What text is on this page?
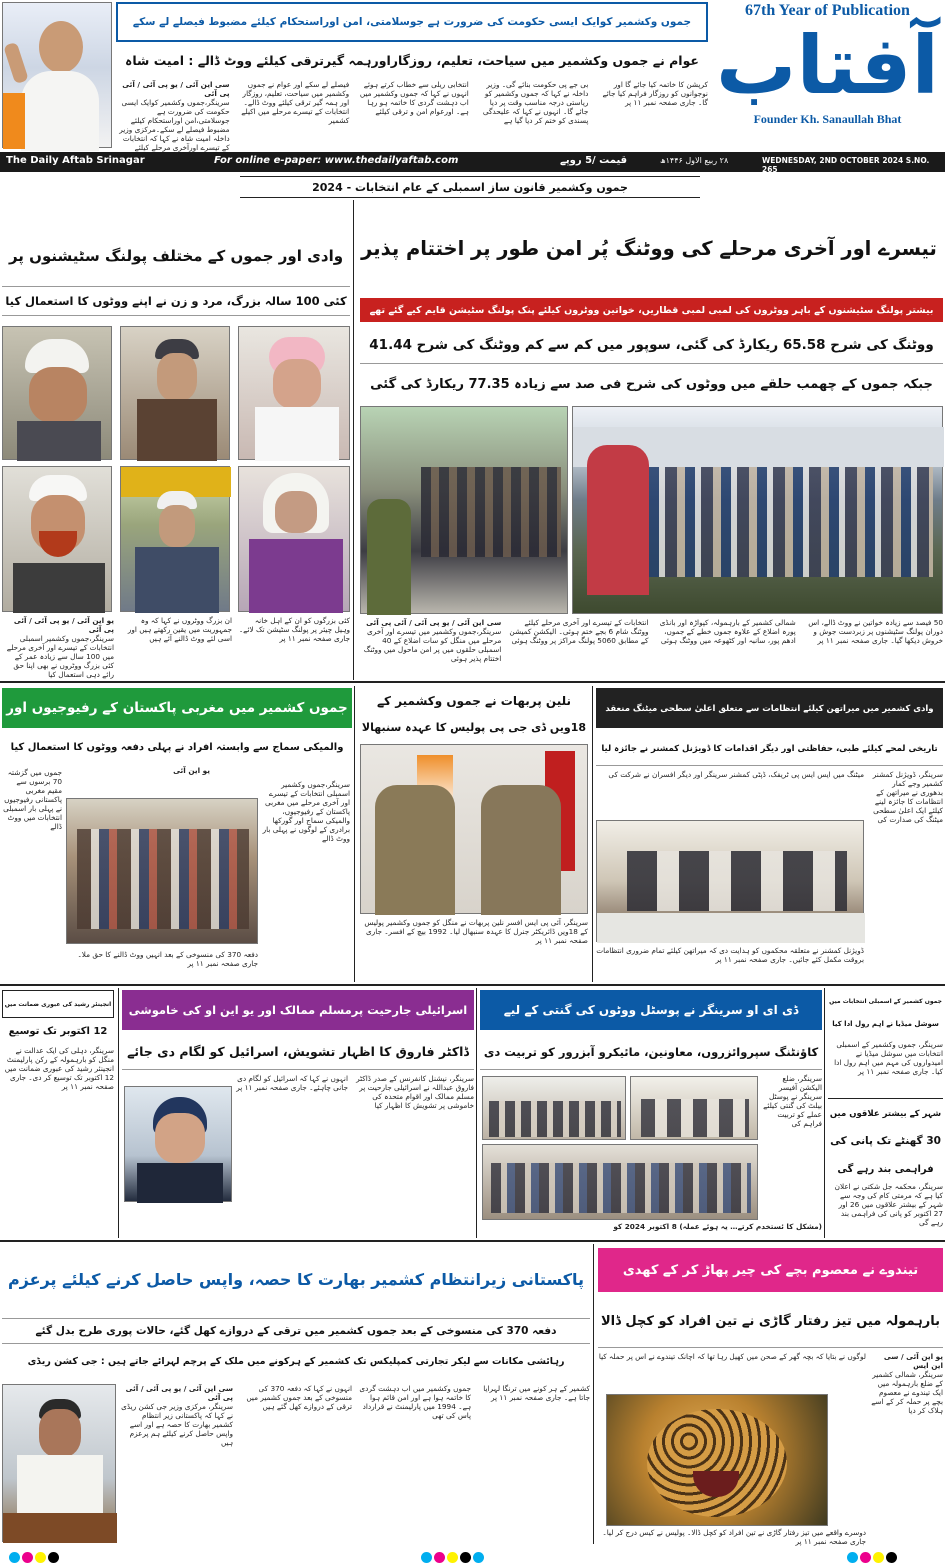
جموں وکشمیر کوایک ایسی حکومت کی ضرورت ہے جوسلامتی، امن اوراستحکام کیلئے مضبوط فیصلے لے سکے
عوام نے جموں وکشمیر میں سیاحت، تعلیم، روزگاراورہمہ گیرترقی کیلئے ووٹ ڈالے : امیت شاہ
سی این آئی / یو پی آئی / آئی پی آئی
سرینگر،جموں وکشمیر کوایک ایسی حکومت کی ضرورت ہے جوسلامتی،امن اوراستحکام کیلئے مضبوط فیصلے لے سکے۔مرکزی وزیر داخلہ امیت شاہ نے کہا کہ انتخابات کے تیسرے اورآخری مرحلے کیلئے
فیصلے لے سکے اور عوام نے جموں وکشمیر میں سیاحت، تعلیم، روزگار اور ہمہ گیر ترقی کیلئے ووٹ ڈالے۔ انتخابات کے تیسرے مرحلے میں اکیلے کشمیر
انتخابی ریلی سے خطاب کرتے ہوئے انہوں نے کہا کہ جموں وکشمیر میں اب دہشت گردی کا خاتمہ ہو رہا ہے۔ اورعوام امن و ترقی کیلئے
بی جے پی حکومت بنائے گی۔ وزیر داخلہ نے کہا کہ جموں وکشمیر کو ریاستی درجہ مناسب وقت پر دیا جائے گا۔ انہوں نے کہا کہ علیحدگی پسندی کو ختم کر دیا گیا ہے
کرپشن کا خاتمہ کیا جائے گا اور نوجوانوں کو روزگار فراہم کیا جائے گا۔ جاری صفحہ نمبر ۱۱ پر
67th Year of Publication
آفتاب
Founder Kh. Sanaullah Bhat
The Daily Aftab Srinagar	For online e-paper: www.thedailyaftab.com	قیمت /5 روپے	۲۸ ربیع الاول ۱۴۴۶ھ	WEDNESDAY, 2ND OCTOBER 2024 S.NO. 265
جموں وکشمیر قانون ساز اسمبلی کے عام انتخابات - 2024
تیسرے اور آخری مرحلے کی ووٹنگ پُر امن طور پر اختتام پذیر
بیشتر پولنگ سٹیشنوں کے باہر ووٹروں کی لمبی لمبی قطاریں، خواتین ووٹروں کیلئے پنک پولنگ سٹیشن قایم کیے گئے تھے
ووٹنگ کی شرح 65.58 ریکارڈ کی گئی، سوپور میں کم سے کم ووٹنگ کی شرح 41.44
جبکہ جموں کے چھمب حلقے میں ووٹوں کی شرح فی صد سے زیادہ 77.35 ریکارڈ کی گئی
سی این آئی / یو پی آئی / آئی پی آئی
سرینگر،جموں وکشمیر میں تیسرے اور آخری مرحلے میں منگل کو سات اضلاع کے 40 اسمبلی حلقوں میں پر امن ماحول میں ووٹنگ اختتام پذیر ہوئی
انتخابات کے تیسرے اور آخری مرحلے کیلئے ووٹنگ شام 6 بجے ختم ہوئی۔ الیکشن کمیشن کے مطابق 5060 پولنگ مراکز پر ووٹنگ ہوئی
شمالی کشمیر کے بارہمولہ، کپواڑہ اور بانڈی پورہ اضلاع کے علاوہ جموں خطے کے جموں، ادھم پور، سانبہ اور کٹھوعہ میں ووٹنگ ہوئی
50 فیصد سے زیادہ خواتین نے ووٹ ڈالے، اس دوران پولنگ سٹیشنوں پر زبردست جوش و خروش دیکھا گیا۔ جاری صفحہ نمبر ۱۱ پر
وادی اور جموں کے مختلف پولنگ سٹیشنوں پر
کئی 100 سالہ بزرگ، مرد و زن نے اپنے ووٹوں کا استعمال کیا
یو این آئی / یو پی آئی / آئی پی آئی
سرینگر،جموں وکشمیر اسمبلی انتخابات کے تیسرے اور آخری مرحلے میں 100 سال سے زیادہ عمر کے کئی بزرگ ووٹروں نے بھی اپنا حق رائے دہی استعمال کیا
ان بزرگ ووٹروں نے کہا کہ وہ جمہوریت میں یقین رکھتے ہیں اور اسی لئے ووٹ ڈالنے آئے ہیں
کئی بزرگوں کو ان کے اہل خانہ وہیل چیئر پر پولنگ سٹیشن تک لائے۔ جاری صفحہ نمبر ۱۱ پر
جموں کشمیر میں مغربی پاکستان کے رفیوجیوں اور
والمیکی سماج سے وابستہ افراد نے پہلی دفعہ ووٹوں کا استعمال کیا
یو این آئی
سرینگر،جموں وکشمیر اسمبلی انتخابات کے تیسرے اور آخری مرحلے میں مغربی پاکستان کے رفیوجیوں، والمیکی سماج اور گورکھا برادری کے لوگوں نے پہلی بار ووٹ ڈالے
جموں میں گزشتہ 70 برسوں سے مقیم مغربی پاکستانی رفیوجیوں نے پہلی بار اسمبلی انتخابات میں ووٹ ڈالے
دفعہ 370 کی منسوخی کے بعد انہیں ووٹ ڈالنے کا حق ملا۔ جاری صفحہ نمبر ۱۱ پر
نلین پربھات نے جموں وکشمیر کے
18ویں ڈی جی پی پولیس کا عہدہ سنبھالا
سرینگر، آئی پی ایس افسر نلین پربھات نے منگل کو جموں وکشمیر پولیس کے 18ویں ڈائریکٹر جنرل کا عہدہ سنبھال لیا۔ 1992 بیچ کے افسر۔ جاری صفحہ نمبر ۱۱ پر
وادی کشمیر میں میراتھن کیلئے انتظامات سے متعلق اعلیٰ سطحی میٹنگ منعقد
تاریخی لمحے کیلئے طبی، حفاظتی اور دیگر اقدامات کا ڈویژنل کمشنر نے جائزہ لیا
سرینگر، ڈویژنل کمشنر کشمیر وجے کمار بدھوری نے میراتھن کے انتظامات کا جائزہ لینے کیلئے ایک اعلیٰ سطحی میٹنگ کی صدارت کی
میٹنگ میں ایس ایس پی ٹریفک، ڈپٹی کمشنر سرینگر اور دیگر افسران نے شرکت کی
ڈویژنل کمشنر نے متعلقہ محکموں کو ہدایت دی کہ میراتھن کیلئے تمام ضروری انتظامات بروقت مکمل کئے جائیں۔ جاری صفحہ نمبر ۱۱ پر
انجینئر رشید کی عبوری ضمانت میں
12 اکتوبر تک توسیع
سرینگر، دہلی کی ایک عدالت نے منگل کو بارہمولہ کے رکن پارلیمنٹ انجینئر رشید کی عبوری ضمانت میں 12 اکتوبر تک توسیع کر دی۔ جاری صفحہ نمبر ۱۱ پر
اسرائیلی جارحیت پرمسلم ممالک اور یو این او کی خاموشی
ڈاکٹر فاروق کا اظہار تشویش، اسرائیل کو لگام دی جائے
سرینگر، نیشنل کانفرنس کے صدر ڈاکٹر فاروق عبداللہ نے اسرائیلی جارحیت پر مسلم ممالک اور اقوام متحدہ کی خاموشی پر تشویش کا اظہار کیا
انہوں نے کہا کہ اسرائیل کو لگام دی جانی چاہئے۔ جاری صفحہ نمبر ۱۱ پر
ڈی ای او سرینگر نے پوسٹل ووٹوں کی گنتی کے لیے
کاؤنٹنگ سپروائزروں، معاونین، مائیکرو آبزرور کو تربیت دی
سرینگر، ضلع الیکشن آفیسر سرینگر نے پوسٹل بیلٹ کی گنتی کیلئے عملے کو تربیت فراہم کی
(مشکل کا ئستخدم کرتے… یہ ہوئے عملہ) 8 اکتوبر 2024 کو
جموں کشمیر کے اسمبلی انتخابات میں
سوشل میڈیا نے اہم رول ادا کیا
سرینگر، جموں وکشمیر کے اسمبلی انتخابات میں سوشل میڈیا نے امیدواروں کی مہم میں اہم رول ادا کیا۔ جاری صفحہ نمبر ۱۱ پر
شہر کے بیشتر علاقوں میں
30 گھنٹے تک پانی کی
فراہمی بند رہے گی
سرینگر، محکمہ جل شکتی نے اعلان کیا ہے کہ مرمتی کام کی وجہ سے شہر کے بیشتر علاقوں میں 26 اور 27 اکتوبر کو پانی کی فراہمی بند رہے گی
پاکستانی زیرانتظام کشمیر بھارت کا حصہ، واپس حاصل کرنے کیلئے پرعزم
دفعہ 370 کی منسوخی کے بعد جموں کشمیر میں ترقی کے دروازے کھل گئے، حالات پوری طرح بدل گئے
رہائشی مکانات سے لیکر تجارتی کمپلیکس تک کشمیر کے ہرکونے میں ملک کے پرچم لہرائے جاتے ہیں : جی کشن ریڈی
سی این آئی / یو پی آئی / آئی پی آئی
سرینگر، مرکزی وزیر جی کشن ریڈی نے کہا کہ پاکستانی زیر انتظام کشمیر بھارت کا حصہ ہے اور اسے واپس حاصل کرنے کیلئے ہم پرعزم ہیں
انہوں نے کہا کہ دفعہ 370 کی منسوخی کے بعد جموں کشمیر میں ترقی کے دروازے کھل گئے ہیں
جموں وکشمیر میں اب دہشت گردی کا خاتمہ ہوا ہے اور امن قائم ہوا ہے۔ 1994 میں پارلیمنٹ نے قرارداد پاس کی تھی
کشمیر کے ہر کونے میں ترنگا لہرایا جاتا ہے۔ جاری صفحہ نمبر ۱۱ پر
تیندوے نے معصوم بچے کی چیر پھاڑ کر کے کھدی
بارہمولہ میں تیز رفتار گاڑی نے تین افراد کو کچل ڈالا
یو این آئی / سی این ایس
سرینگر، شمالی کشمیر کے ضلع بارہمولہ میں ایک تیندوے نے معصوم بچے پر حملہ کر کے اسے ہلاک کر دیا
لوگوں نے بتایا کہ بچہ گھر کے صحن میں کھیل رہا تھا کہ اچانک تیندوے نے اس پر حملہ کیا
دوسرے واقعے میں تیز رفتار گاڑی نے تین افراد کو کچل ڈالا۔ پولیس نے کیس درج کر لیا۔ جاری صفحہ نمبر ۱۱ پر
